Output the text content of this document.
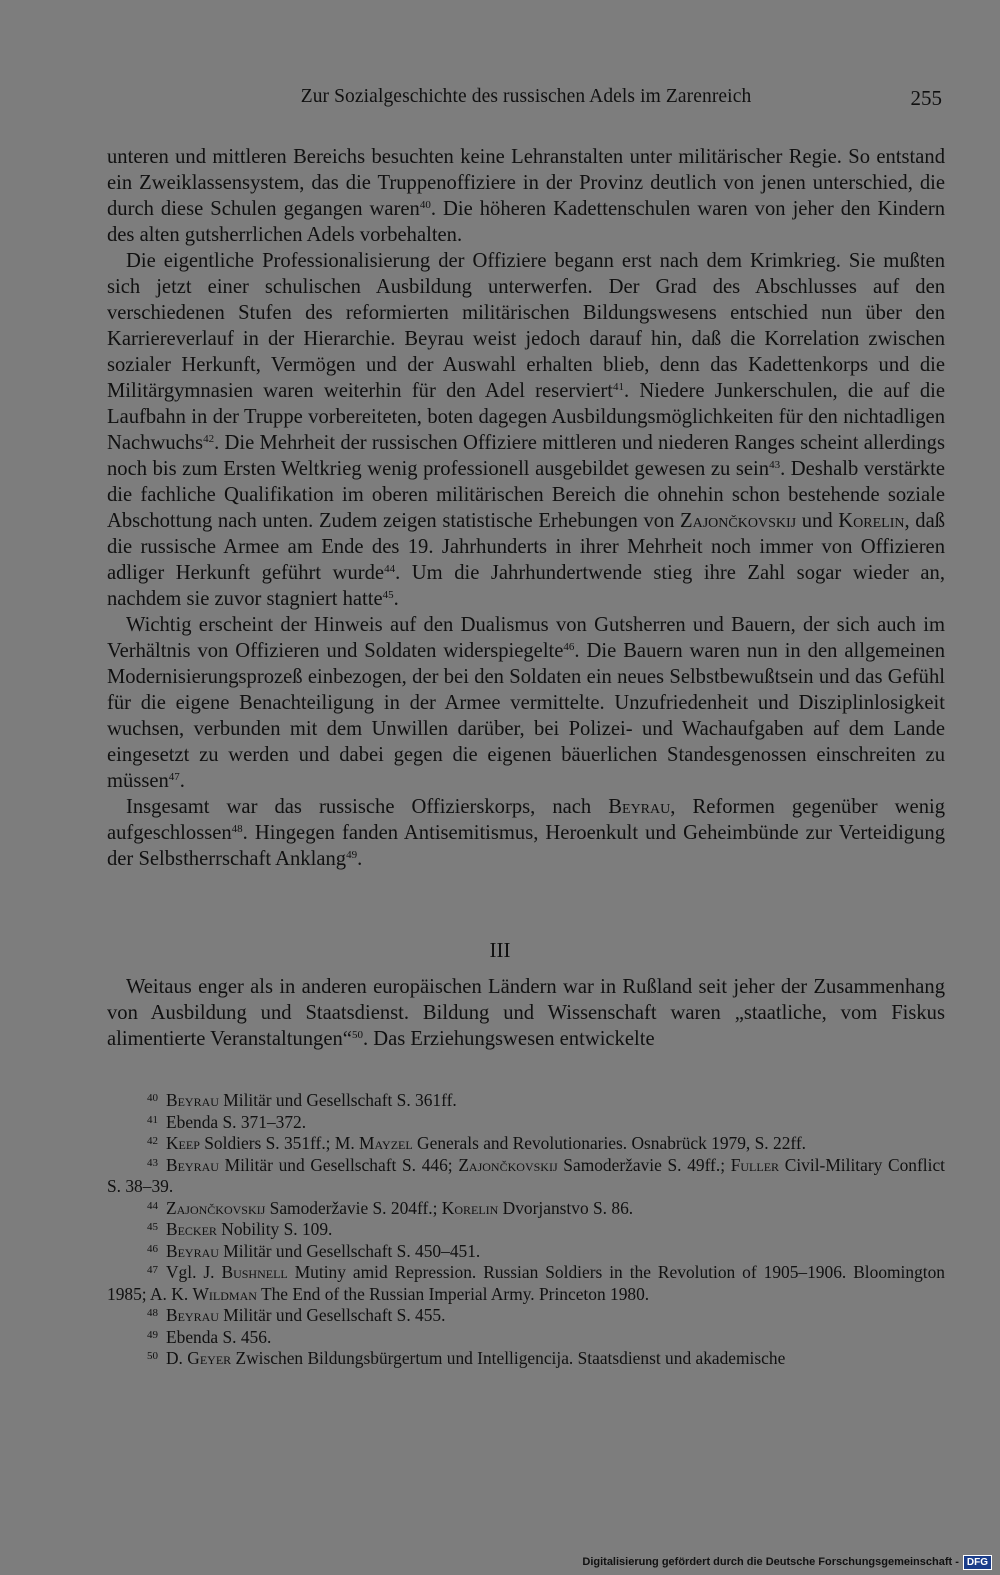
Zur Sozialgeschichte des russischen Adels im Zarenreich	255

unteren und mittleren Bereichs besuchten keine Lehranstalten unter militärischer Regie. So entstand ein Zweiklassensystem, das die Truppenoffiziere in der Provinz deutlich von jenen unterschied, die durch diese Schulen gegangen waren$^{40}$. Die höheren Kadettenschulen waren von jeher den Kindern des alten gutsherrlichen Adels vorbehalten.

Die eigentliche Professionalisierung der Offiziere begann erst nach dem Krimkrieg. Sie mußten sich jetzt einer schulischen Ausbildung unterwerfen. Der Grad des Abschlusses auf den verschiedenen Stufen des reformierten militärischen Bildungswesens entschied nun über den Karriereverlauf in der Hierarchie. Beyrau weist jedoch darauf hin, daß die Korrelation zwischen sozialer Herkunft, Vermögen und der Auswahl erhalten blieb, denn das Kadettenkorps und die Militärgymnasien waren weiterhin für den Adel reserviert$^{41}$. Niedere Junkerschulen, die auf die Laufbahn in der Truppe vorbereiteten, boten dagegen Ausbildungsmöglichkeiten für den nichtadligen Nachwuchs$^{42}$. Die Mehrheit der russischen Offiziere mittleren und niederen Ranges scheint allerdings noch bis zum Ersten Weltkrieg wenig professionell ausgebildet gewesen zu sein$^{43}$. Deshalb verstärkte die fachliche Qualifikation im oberen militärischen Bereich die ohnehin schon bestehende soziale Abschottung nach unten. Zudem zeigen statistische Erhebungen von Zajončkovskij und Korelin, daß die russische Armee am Ende des 19. Jahrhunderts in ihrer Mehrheit noch immer von Offizieren adliger Herkunft geführt wurde$^{44}$. Um die Jahrhundertwende stieg ihre Zahl sogar wieder an, nachdem sie zuvor stagniert hatte$^{45}$.

Wichtig erscheint der Hinweis auf den Dualismus von Gutsherren und Bauern, der sich auch im Verhältnis von Offizieren und Soldaten widerspiegelte$^{46}$. Die Bauern waren nun in den allgemeinen Modernisierungsprozeß einbezogen, der bei den Soldaten ein neues Selbstbewußtsein und das Gefühl für die eigene Benachteiligung in der Armee vermittelte. Unzufriedenheit und Disziplinlosigkeit wuchsen, verbunden mit dem Unwillen darüber, bei Polizei- und Wachaufgaben auf dem Lande eingesetzt zu werden und dabei gegen die eigenen bäuerlichen Standesgenossen einschreiten zu müssen$^{47}$.

Insgesamt war das russische Offizierskorps, nach Beyrau, Reformen gegenüber wenig aufgeschlossen$^{48}$. Hingegen fanden Antisemitismus, Heroenkult und Geheimbünde zur Verteidigung der Selbstherrschaft Anklang$^{49}$.

III

Weitaus enger als in anderen europäischen Ländern war in Rußland seit jeher der Zusammenhang von Ausbildung und Staatsdienst. Bildung und Wissenschaft waren „staatliche, vom Fiskus alimentierte Veranstaltungen“$^{50}$. Das Erziehungswesen entwickelte

$^{40}$ Beyrau Militär und Gesellschaft S. 361ff.

$^{41}$ Ebenda S. 371–372.

$^{42}$ Keep Soldiers S. 351ff.; M. Mayzel Generals and Revolutionaries. Osnabrück 1979, S. 22ff.

$^{43}$ Beyrau Militär und Gesellschaft S. 446; Zajončkovskij Samoderžavie S. 49ff.; Fuller Civil-Military Conflict S. 38–39.

$^{44}$ Zajončkovskij Samoderžavie S. 204ff.; Korelin Dvorjanstvo S. 86.

$^{45}$ Becker Nobility S. 109.

$^{46}$ Beyrau Militär und Gesellschaft S. 450–451.

$^{47}$ Vgl. J. Bushnell Mutiny amid Repression. Russian Soldiers in the Revolution of 1905–1906. Bloomington 1985; A. K. Wildman The End of the Russian Imperial Army. Princeton 1980.

$^{48}$ Beyrau Militär und Gesellschaft S. 455.

$^{49}$ Ebenda S. 456.

$^{50}$ D. Geyer Zwischen Bildungsbürgertum und Intelligencija. Staatsdienst und akademische

Digitalisierung gefördert durch die Deutsche Forschungsgemeinschaft - DFG
